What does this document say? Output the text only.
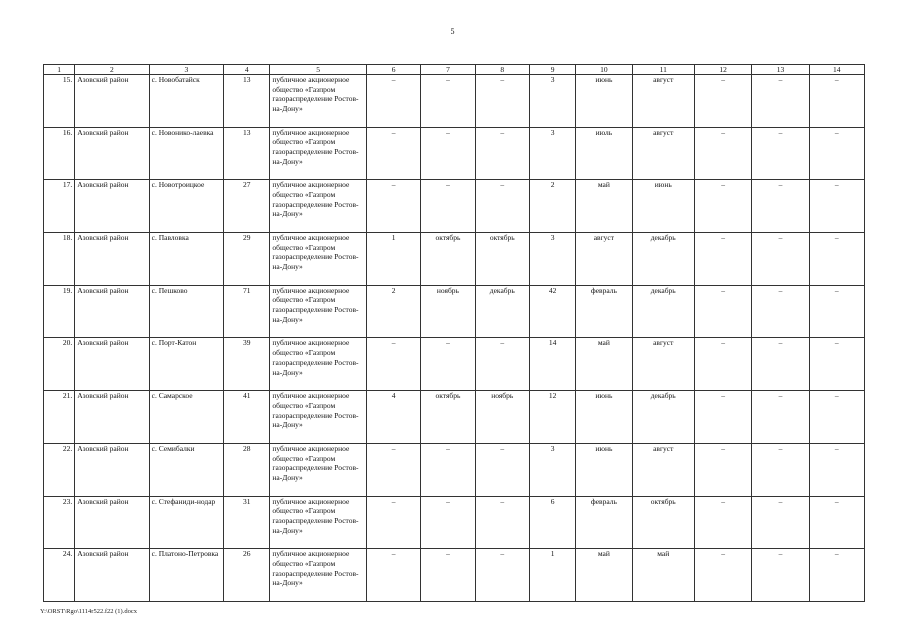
5
1	2	3	4	5	6	7	8	9	10	11	12	13	14
15.	Азовский район	с. Новобатайск	13	публичное акционерное общество «Газпром газораспределение Ростов-на-Дону»	–	–	–	3	июнь	август	–	–	–
16.	Азовский район	с. Новонико-лаевка	13	публичное акционерное общество «Газпром газораспределение Ростов-на-Дону»	–	–	–	3	июль	август	–	–	–
17.	Азовский район	с. Новотроицкое	27	публичное акционерное общество «Газпром газораспределение Ростов-на-Дону»	–	–	–	2	май	июнь	–	–	–
18.	Азовский район	с. Павловка	29	публичное акционерное общество «Газпром газораспределение Ростов-на-Дону»	1	октябрь	октябрь	3	август	декабрь	–	–	–
19.	Азовский район	с. Пешково	71	публичное акционерное общество «Газпром газораспределение Ростов-на-Дону»	2	ноябрь	декабрь	42	февраль	декабрь	–	–	–
20.	Азовский район	с. Порт-Катон	39	публичное акционерное общество «Газпром газораспределение Ростов-на-Дону»	–	–	–	14	май	август	–	–	–
21.	Азовский район	с. Самарское	41	публичное акционерное общество «Газпром газораспределение Ростов-на-Дону»	4	октябрь	ноябрь	12	июнь	декабрь	–	–	–
22.	Азовский район	с. Семибалки	28	публичное акционерное общество «Газпром газораспределение Ростов-на-Дону»	–	–	–	3	июнь	август	–	–	–
23.	Азовский район	с. Стефаниди-нодар	31	публичное акционерное общество «Газпром газораспределение Ростов-на-Дону»	–	–	–	6	февраль	октябрь	–	–	–
24.	Азовский район	с. Платоно-Петровка	26	публичное акционерное общество «Газпром газораспределение Ростов-на-Дону»	–	–	–	1	май	май	–	–	–
Y:\ORST\Rgo\1114r522.f22 (1).docx
